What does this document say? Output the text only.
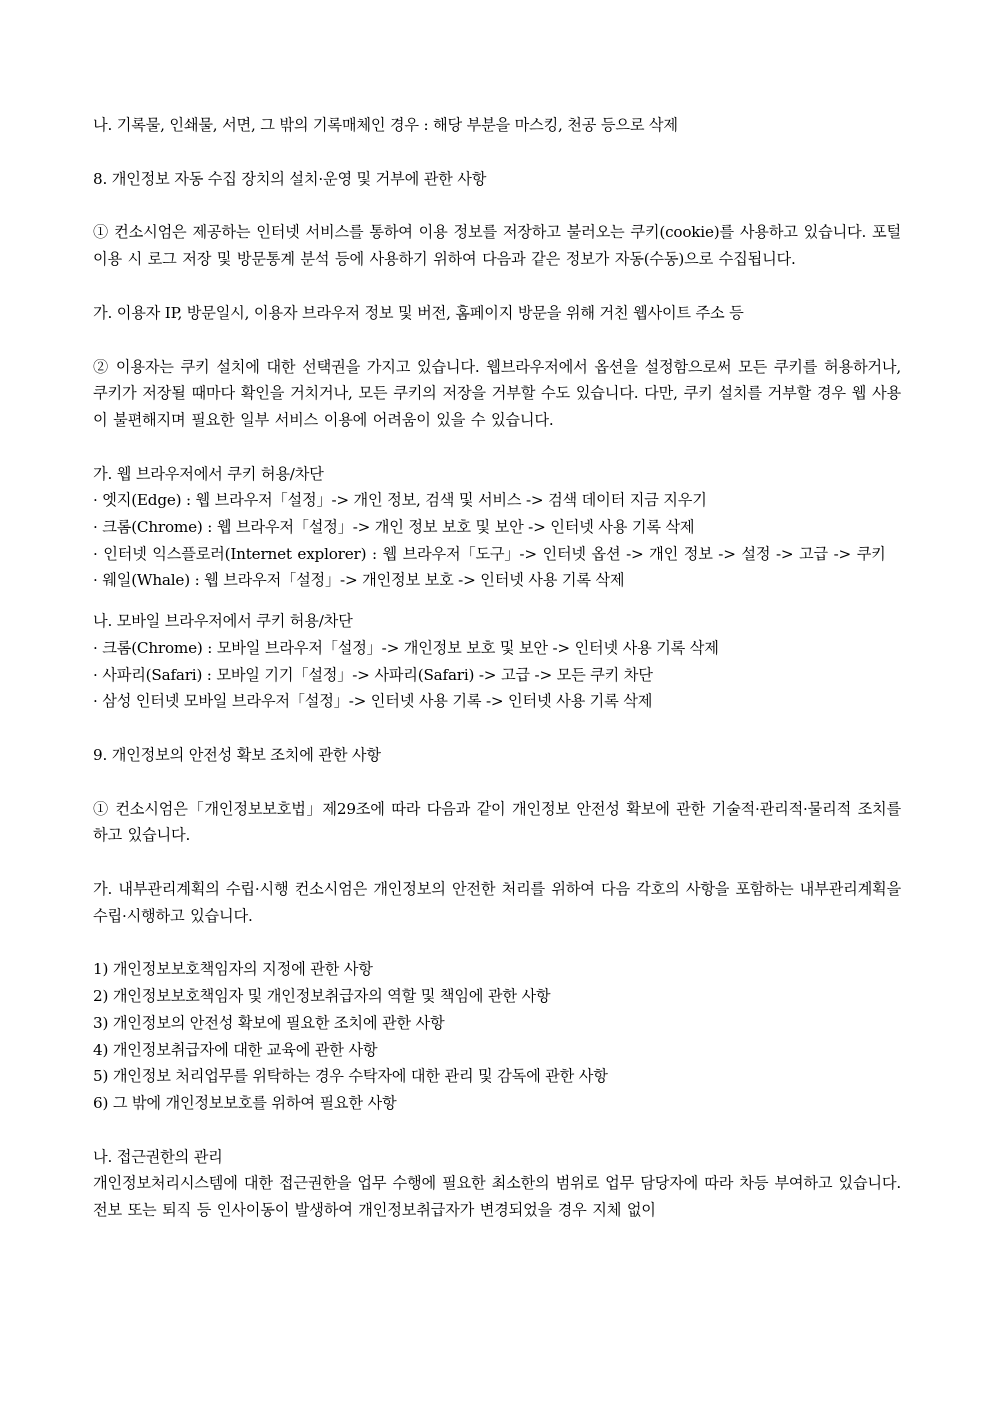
나. 기록물, 인쇄물, 서면, 그 밖의 기록매체인 경우 : 해당 부분을 마스킹, 천공 등으로 삭제
8. 개인정보 자동 수집 장치의 설치·운영 및 거부에 관한 사항
① 컨소시엄은 제공하는 인터넷 서비스를 통하여 이용 정보를 저장하고 불러오는 쿠키(cookie)를 사용하고 있습니다. 포털 이용 시 로그 저장 및 방문통계 분석 등에 사용하기 위하여 다음과 같은 정보가 자동(수동)으로 수집됩니다.
가. 이용자 IP, 방문일시, 이용자 브라우저 정보 및 버전, 홈페이지 방문을 위해 거친 웹사이트 주소 등
② 이용자는 쿠키 설치에 대한 선택권을 가지고 있습니다. 웹브라우저에서 옵션을 설정함으로써 모든 쿠키를 허용하거나, 쿠키가 저장될 때마다 확인을 거치거나, 모든 쿠키의 저장을 거부할 수도 있습니다. 다만, 쿠키 설치를 거부할 경우 웹 사용이 불편해지며 필요한 일부 서비스 이용에 어려움이 있을 수 있습니다.
가. 웹 브라우저에서 쿠키 허용/차단
· 엣지(Edge) : 웹 브라우저「설정」-> 개인 정보, 검색 및 서비스 -> 검색 데이터 지금 지우기
· 크롬(Chrome) : 웹 브라우저「설정」-> 개인 정보 보호 및 보안 -> 인터넷 사용 기록 삭제
· 인터넷 익스플로러(Internet explorer) : 웹 브라우저「도구」-> 인터넷 옵션 -> 개인 정보 -> 설정 -> 고급 -> 쿠키
· 웨일(Whale) : 웹 브라우저「설정」-> 개인정보 보호 -> 인터넷 사용 기록 삭제
나. 모바일 브라우저에서 쿠키 허용/차단
· 크롬(Chrome) : 모바일 브라우저「설정」-> 개인정보 보호 및 보안 -> 인터넷 사용 기록 삭제
· 사파리(Safari) : 모바일 기기「설정」-> 사파리(Safari) -> 고급 -> 모든 쿠키 차단
· 삼성 인터넷 모바일 브라우저「설정」-> 인터넷 사용 기록 -> 인터넷 사용 기록 삭제
9. 개인정보의 안전성 확보 조치에 관한 사항
① 컨소시엄은「개인정보보호법」제29조에 따라 다음과 같이 개인정보 안전성 확보에 관한 기술적·관리적·물리적 조치를 하고 있습니다.
가. 내부관리계획의 수립·시행 컨소시엄은 개인정보의 안전한 처리를 위하여 다음 각호의 사항을 포함하는 내부관리계획을 수립·시행하고 있습니다.
1) 개인정보보호책임자의 지정에 관한 사항
2) 개인정보보호책임자 및 개인정보취급자의 역할 및 책임에 관한 사항
3) 개인정보의 안전성 확보에 필요한 조치에 관한 사항
4) 개인정보취급자에 대한 교육에 관한 사항
5) 개인정보 처리업무를 위탁하는 경우 수탁자에 대한 관리 및 감독에 관한 사항
6) 그 밖에 개인정보보호를 위하여 필요한 사항
나. 접근권한의 관리
개인정보처리시스템에 대한 접근권한을 업무 수행에 필요한 최소한의 범위로 업무 담당자에 따라 차등 부여하고 있습니다. 전보 또는 퇴직 등 인사이동이 발생하여 개인정보취급자가 변경되었을 경우 지체 없이
